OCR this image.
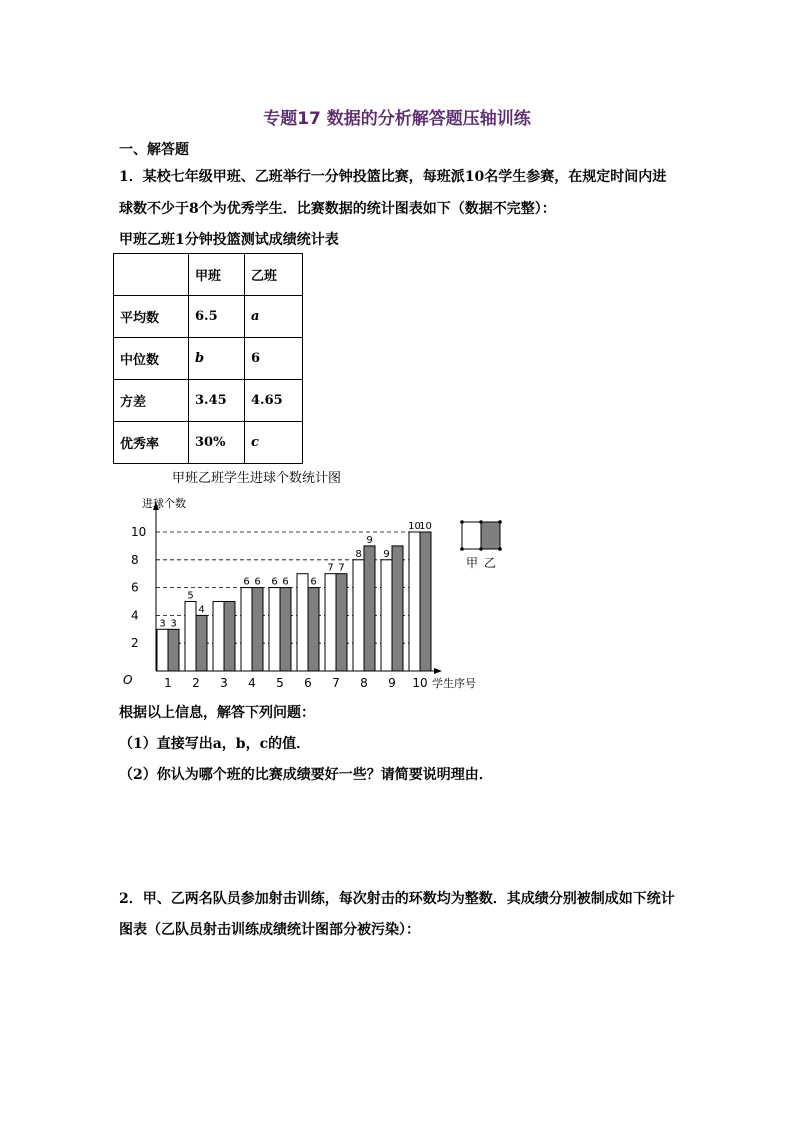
专题17 数据的分析解答题压轴训练
一、解答题
1．某校七年级甲班、乙班举行一分钟投篮比赛，每班派10名学生参赛，在规定时间内进
球数不少于8个为优秀学生．比赛数据的统计图表如下（数据不完整）：
甲班乙班1分钟投篮测试成绩统计表
	甲班	乙班
平均数	6.5	a
中位数	b	6
方差	3.45	4.65
优秀率	30%	c
甲班乙班学生进球个数统计图
2
4
6
8
10
进球个数
学生序号
O
3 3
1
5
4
2 3
6 6
4
6 6
5
6
6
7 7
7
8
9
8
9
9
10
10
10
甲 乙
根据以上信息，解答下列问题：
（1）直接写出a，b，c的值．
（2）你认为哪个班的比赛成绩要好一些？请简要说明理由．
2．甲、乙两名队员参加射击训练，每次射击的环数均为整数．其成绩分别被制成如下统计
图表（乙队员射击训练成绩统计图部分被污染）：
